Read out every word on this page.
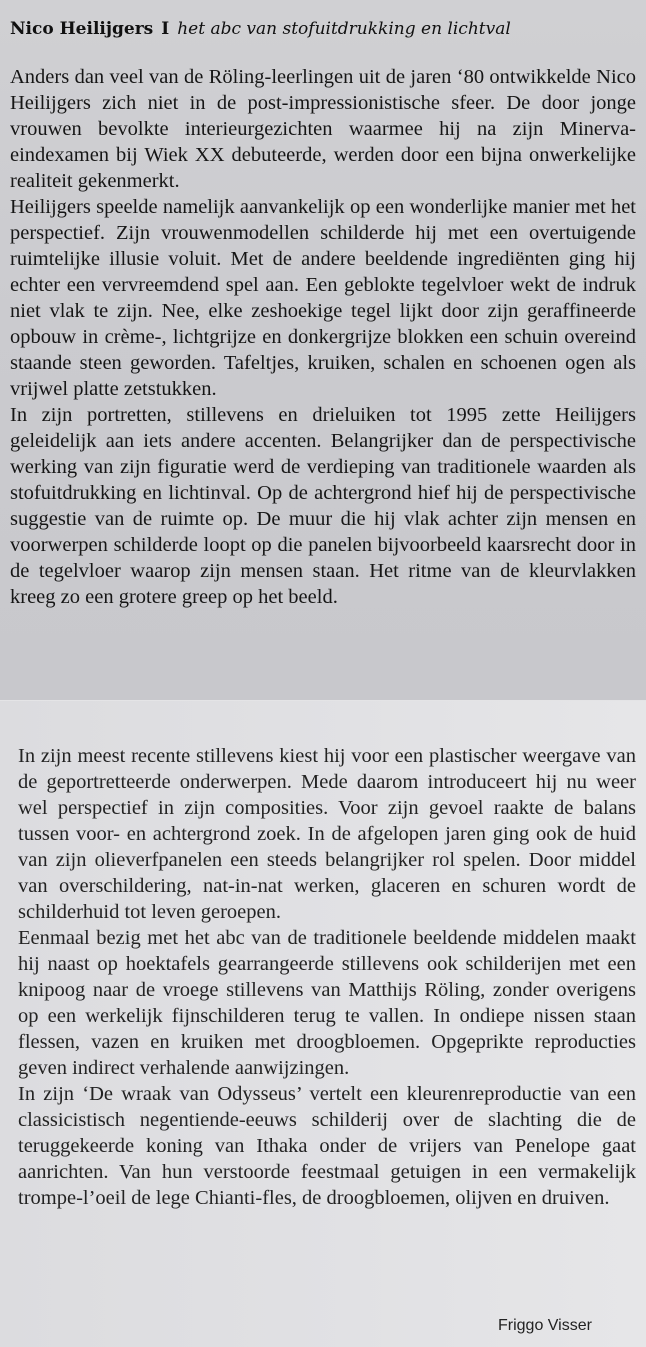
Nico Heilijgers I het abc van stofuitdrukking en lichtval

Anders dan veel van de Röling-leerlingen uit de jaren ‘80 ontwikkelde Nico Heilijgers zich niet in de post-impressionistische sfeer. De door jonge vrouwen bevolkte interieurgezichten waarmee hij na zijn Minerva-eindexamen bij Wiek XX debuteerde, werden door een bijna onwerkelijke realiteit gekenmerkt.

Heilijgers speelde namelijk aanvankelijk op een wonderlijke manier met het perspectief. Zijn vrouwenmodellen schilderde hij met een overtuigende ruimtelijke illusie voluit. Met de andere beeldende ingrediënten ging hij echter een vervreemdend spel aan. Een geblokte tegelvloer wekt de indruk niet vlak te zijn. Nee, elke zeshoekige tegel lijkt door zijn geraffineerde opbouw in crème-, lichtgrijze en donkergrijze blokken een schuin overeind staande steen geworden. Tafeltjes, kruiken, schalen en schoenen ogen als vrijwel platte zetstukken.

In zijn portretten, stillevens en drieluiken tot 1995 zette Heilijgers geleidelijk aan iets andere accenten. Belangrijker dan de perspectivische werking van zijn figuratie werd de verdieping van traditionele waarden als stofuitdrukking en lichtinval. Op de achtergrond hief hij de perspectivische suggestie van de ruimte op. De muur die hij vlak achter zijn mensen en voorwerpen schilderde loopt op die panelen bijvoorbeeld kaarsrecht door in de tegelvloer waarop zijn mensen staan. Het ritme van de kleurvlakken kreeg zo een grotere greep op het beeld.

In zijn meest recente stillevens kiest hij voor een plastischer weergave van de geportretteerde onderwerpen. Mede daarom introduceert hij nu weer wel perspectief in zijn composities. Voor zijn gevoel raakte de balans tussen voor- en achtergrond zoek. In de afgelopen jaren ging ook de huid van zijn olieverfpanelen een steeds belangrijker rol spelen. Door middel van overschildering, nat-in-nat werken, glaceren en schuren wordt de schilderhuid tot leven geroepen.

Eenmaal bezig met het abc van de traditionele beeldende middelen maakt hij naast op hoektafels gearrangeerde stillevens ook schilderijen met een knipoog naar de vroege stillevens van Matthijs Röling, zonder overigens op een werkelijk fijnschilderen terug te vallen. In ondiepe nissen staan flessen, vazen en kruiken met droogbloemen. Opgeprikte reproducties geven indirect verhalende aanwijzingen.

In zijn ‘De wraak van Odysseus’ vertelt een kleurenreproductie van een classicistisch negentiende-eeuws schilderij over de slachting die de teruggekeerde koning van Ithaka onder de vrijers van Penelope gaat aanrichten. Van hun verstoorde feestmaal getuigen in een vermakelijk trompe-l’oeil de lege Chianti-fles, de droogbloemen, olijven en druiven.

Friggo Visser
